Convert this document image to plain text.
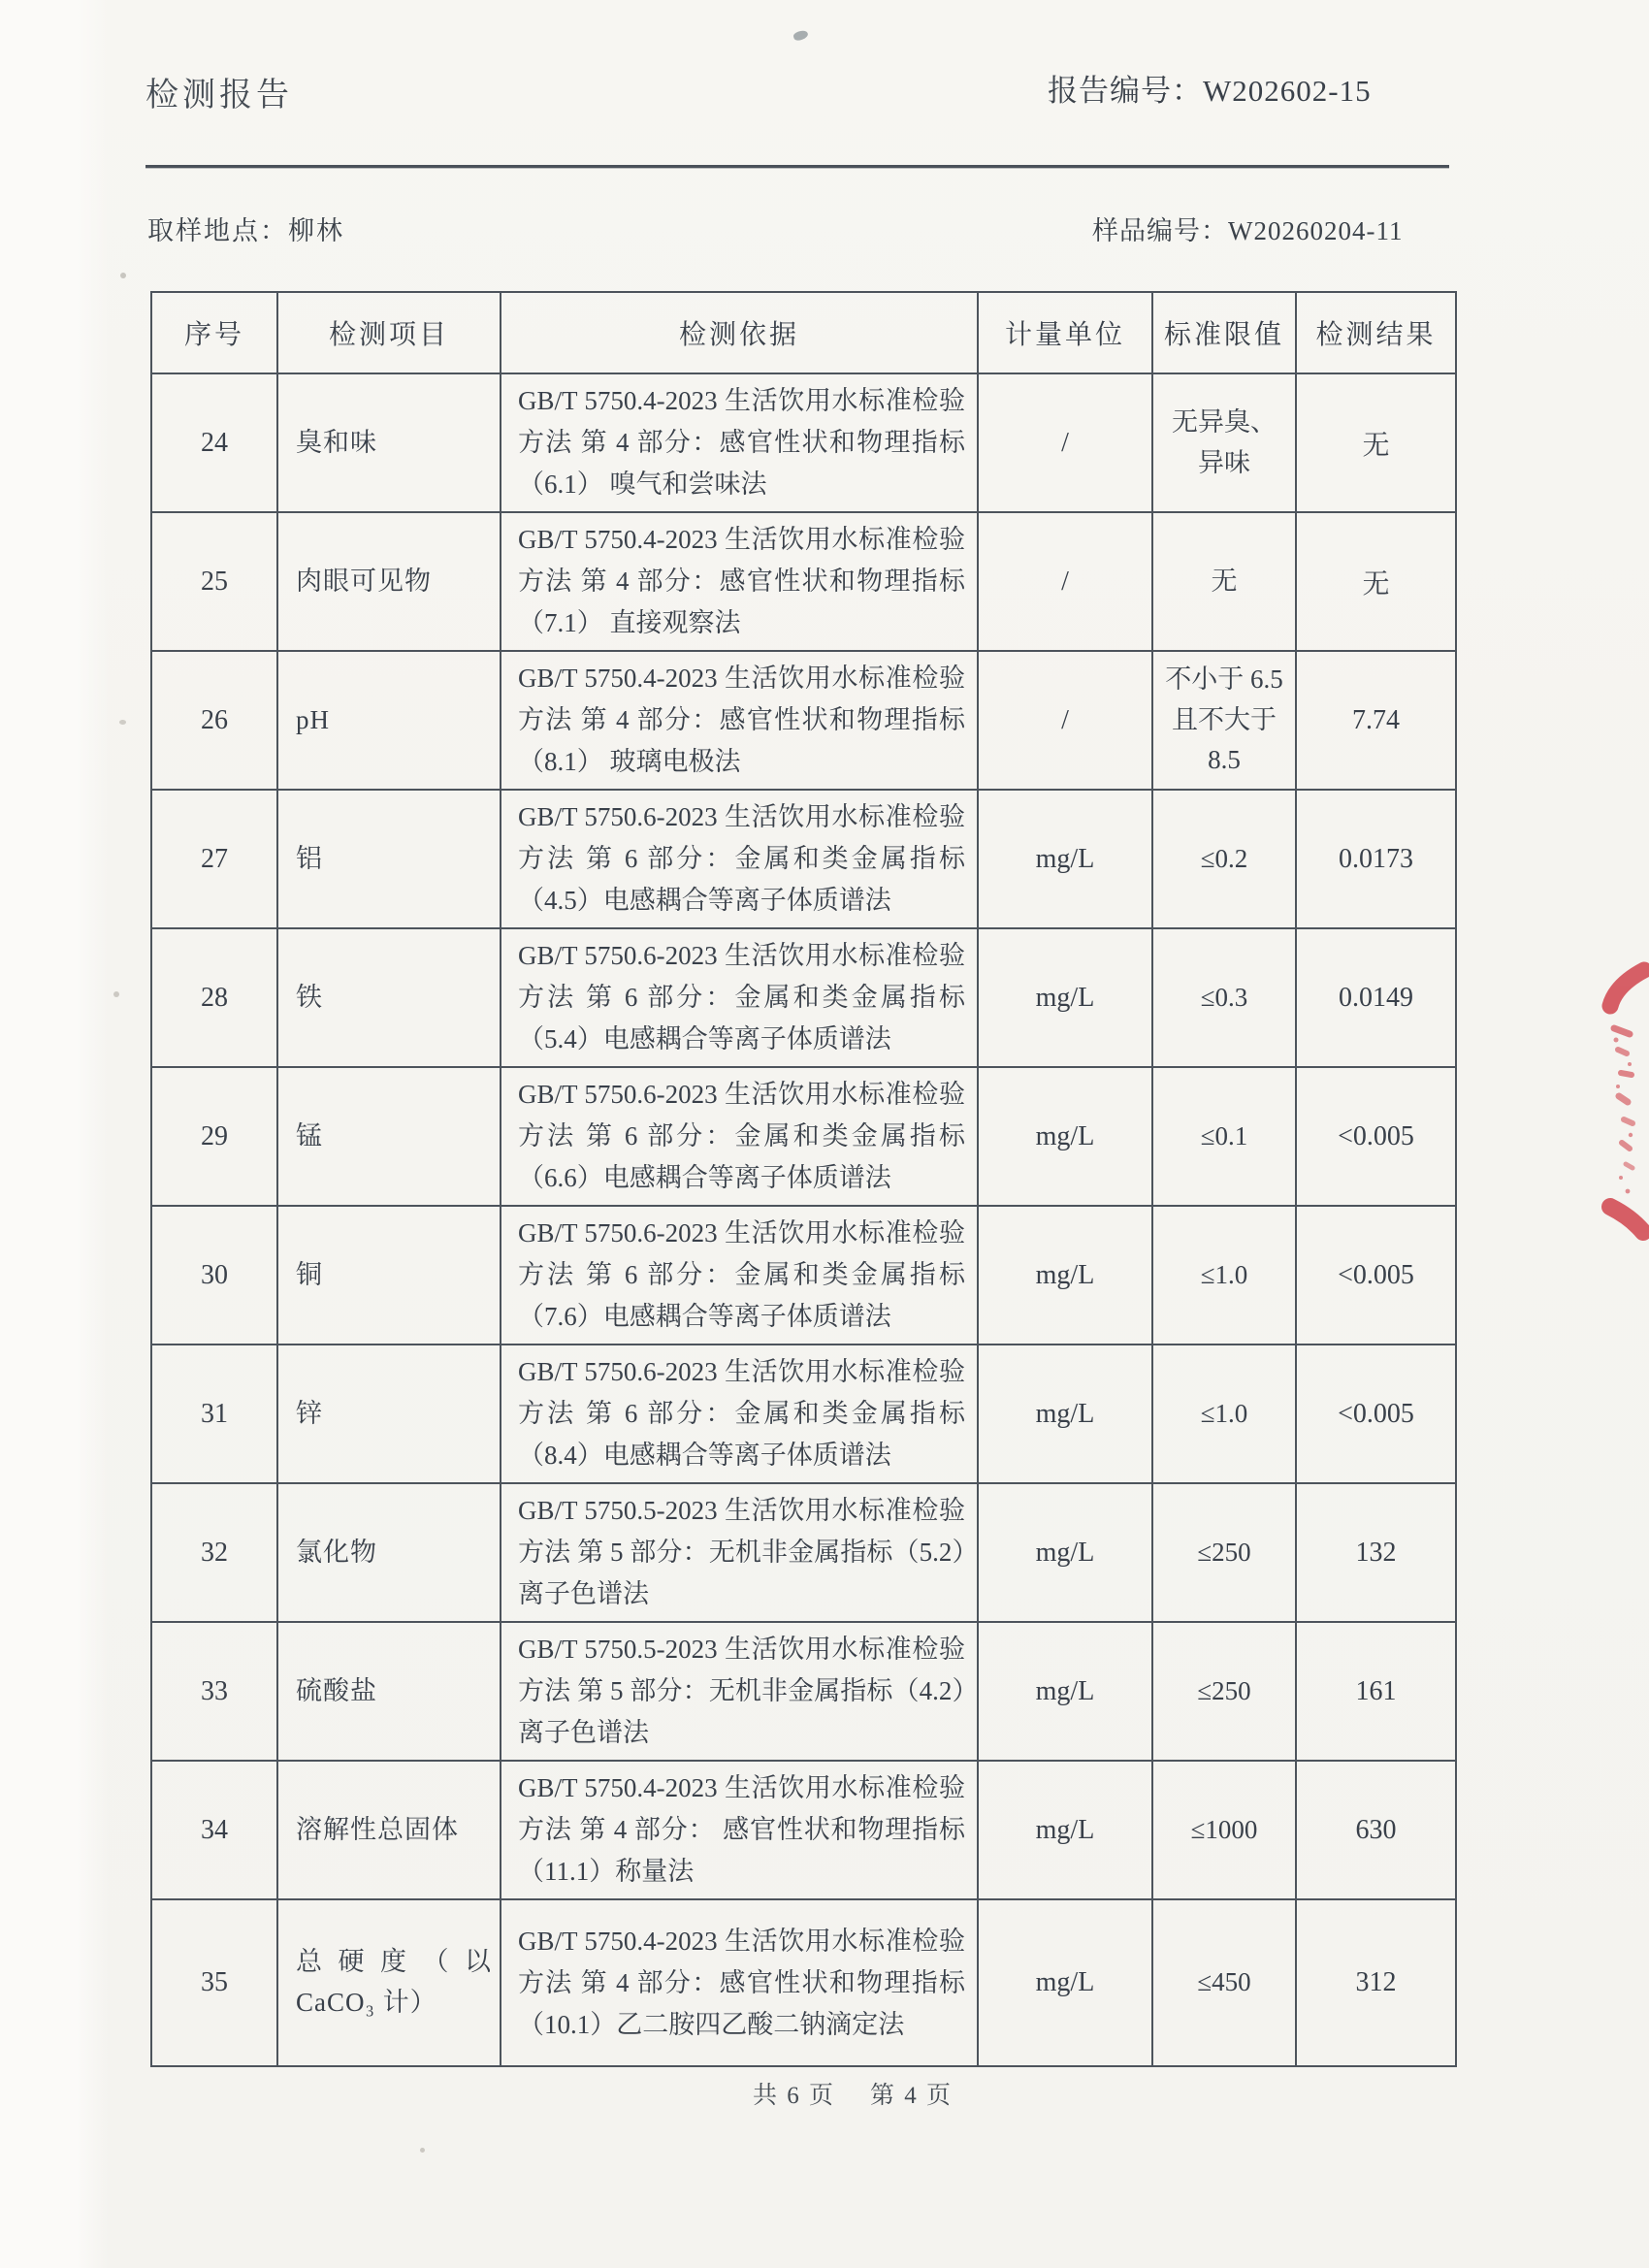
检测报告	报告编号：W202602-15
取样地点：柳林	样品编号：W20260204-11
序号	检测项目	检测依据	计量单位	标准限值	检测结果
24	臭和味	GB/T 5750.4-2023 生活饮用水标准检验方法 第 4 部分：感官性状和物理指标（6.1） 嗅气和尝味法	/	无异臭、异味	无
25	肉眼可见物	GB/T 5750.4-2023 生活饮用水标准检验方法 第 4 部分：感官性状和物理指标（7.1） 直接观察法	/	无	无
26	pH	GB/T 5750.4-2023 生活饮用水标准检验方法 第 4 部分：感官性状和物理指标（8.1） 玻璃电极法	/	不小于 6.5 且不大于 8.5	7.74
27	铝	GB/T 5750.6-2023 生活饮用水标准检验方法 第 6 部分：金属和类金属指标（4.5）电感耦合等离子体质谱法	mg/L	≤0.2	0.0173
28	铁	GB/T 5750.6-2023 生活饮用水标准检验方法 第 6 部分：金属和类金属指标（5.4）电感耦合等离子体质谱法	mg/L	≤0.3	0.0149
29	锰	GB/T 5750.6-2023 生活饮用水标准检验方法 第 6 部分：金属和类金属指标（6.6）电感耦合等离子体质谱法	mg/L	≤0.1	<0.005
30	铜	GB/T 5750.6-2023 生活饮用水标准检验方法 第 6 部分：金属和类金属指标（7.6）电感耦合等离子体质谱法	mg/L	≤1.0	<0.005
31	锌	GB/T 5750.6-2023 生活饮用水标准检验方法 第 6 部分：金属和类金属指标（8.4）电感耦合等离子体质谱法	mg/L	≤1.0	<0.005
32	氯化物	GB/T 5750.5-2023 生活饮用水标准检验方法 第 5 部分：无机非金属指标（5.2）离子色谱法	mg/L	≤250	132
33	硫酸盐	GB/T 5750.5-2023 生活饮用水标准检验方法 第 5 部分：无机非金属指标（4.2）离子色谱法	mg/L	≤250	161
34	溶解性总固体	GB/T 5750.4-2023 生活饮用水标准检验方法 第 4 部分： 感官性状和物理指标（11.1）称量法	mg/L	≤1000	630
35	总硬度（以 CaCO₃ 计）	GB/T 5750.4-2023 生活饮用水标准检验方法 第 4 部分：感官性状和物理指标 （10.1）乙二胺四乙酸二钠滴定法	mg/L	≤450	312
共 6 页 第 4 页
